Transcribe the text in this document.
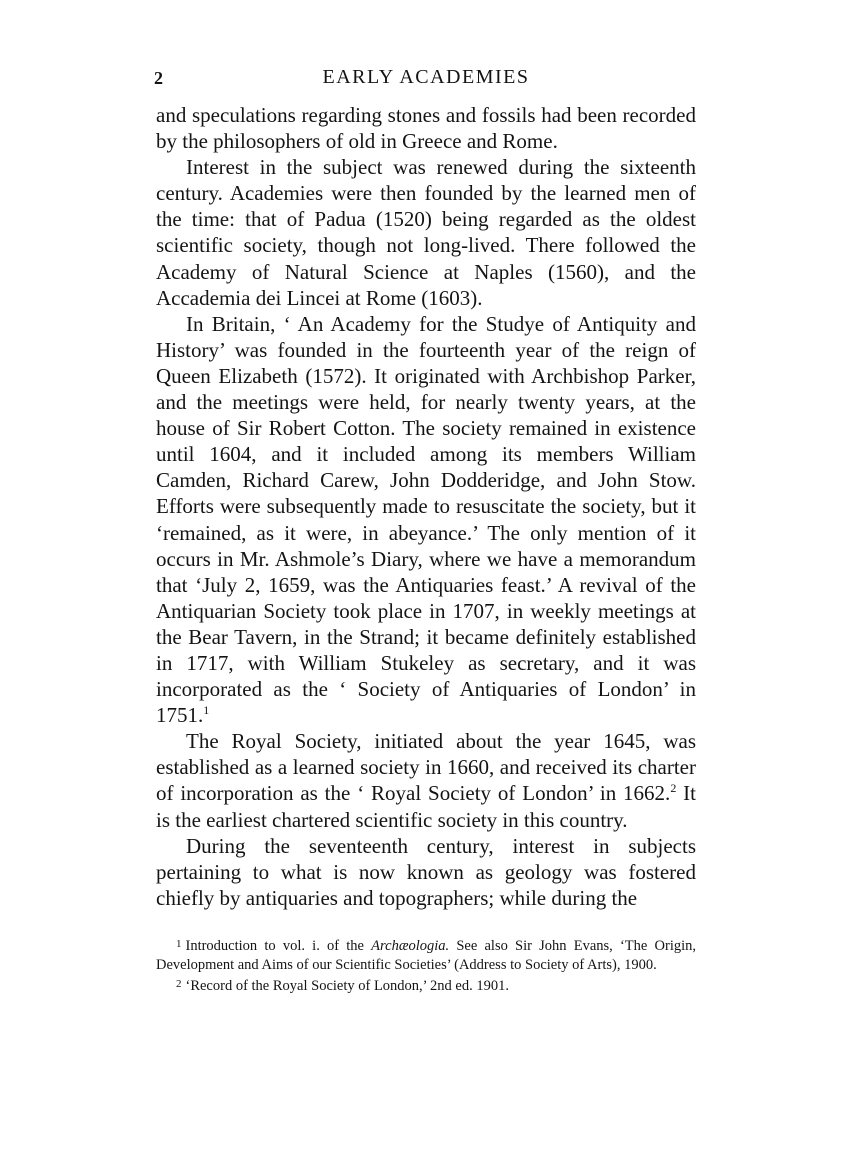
2	EARLY ACADEMIES

and speculations regarding stones and fossils had been recorded by the philosophers of old in Greece and Rome.

Interest in the subject was renewed during the sixteenth century. Academies were then founded by the learned men of the time: that of Padua (1520) being regarded as the oldest scientific society, though not long-lived. There followed the Academy of Natural Science at Naples (1560), and the Accademia dei Lincei at Rome (1603).

In Britain, ‘ An Academy for the Studye of Antiquity and History’ was founded in the fourteenth year of the reign of Queen Elizabeth (1572). It originated with Archbishop Parker, and the meetings were held, for nearly twenty years, at the house of Sir Robert Cotton. The society remained in existence until 1604, and it included among its members William Camden, Richard Carew, John Dodderidge, and John Stow. Efforts were subsequently made to resuscitate the society, but it ‘remained, as it were, in abeyance.’ The only mention of it occurs in Mr. Ashmole’s Diary, where we have a memorandum that ‘July 2, 1659, was the Antiquaries feast.’ A revival of the Antiquarian Society took place in 1707, in weekly meetings at the Bear Tavern, in the Strand; it became definitely established in 1717, with William Stukeley as secretary, and it was incorporated as the ‘ Society of Antiquaries of London’ in 1751.$^1$

The Royal Society, initiated about the year 1645, was established as a learned society in 1660, and received its charter of incorporation as the ‘ Royal Society of London’ in 1662.$^2$ It is the earliest chartered scientific society in this country.

During the seventeenth century, interest in subjects pertaining to what is now known as geology was fostered chiefly by antiquaries and topographers; while during the

$^1$ Introduction to vol. i. of the Archæologia. See also Sir John Evans, ‘The Origin, Development and Aims of our Scientific Societies’ (Address to Society of Arts), 1900.

$^2$ ‘Record of the Royal Society of London,’ 2nd ed. 1901.
